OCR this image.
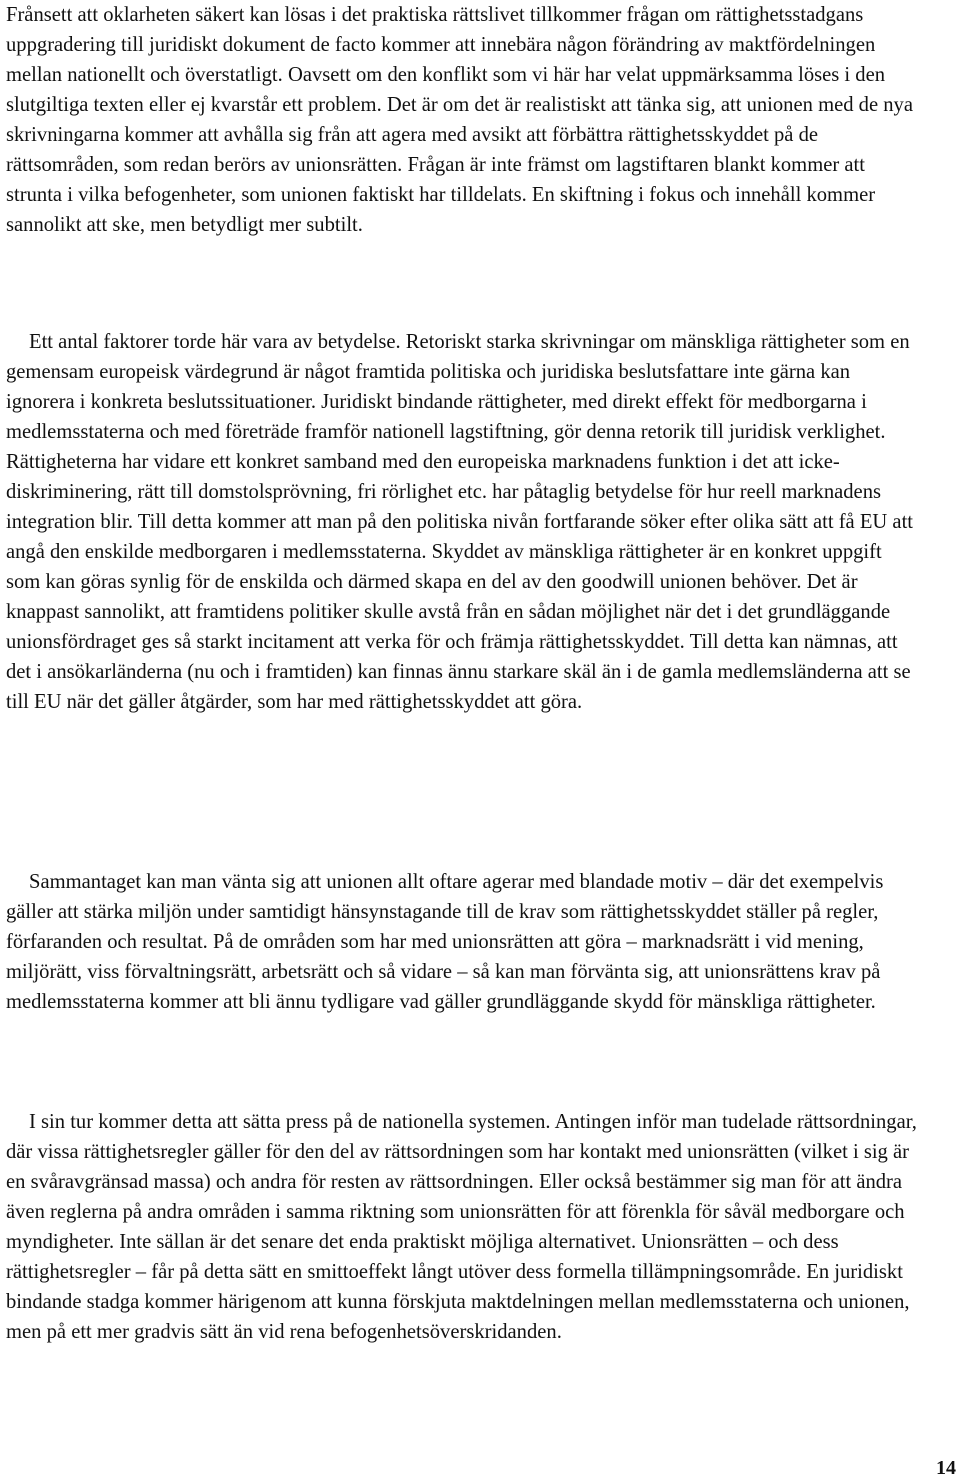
Frånsett att oklarheten säkert kan lösas i det praktiska rättslivet tillkommer frågan om rättighetsstadgans uppgradering till juridiskt dokument de facto kommer att innebära någon förändring av maktfördelningen mellan nationellt och överstatligt. Oavsett om den konflikt som vi här har velat uppmärksamma löses i den slutgiltiga texten eller ej kvarstår ett problem. Det är om det är realistiskt att tänka sig, att unionen med de nya skrivningarna kommer att avhålla sig från att agera med avsikt att förbättra rättighetsskyddet på de rättsområden, som redan berörs av unionsrätten. Frågan är inte främst om lagstiftaren blankt kommer att strunta i vilka befogenheter, som unionen faktiskt har tilldelats. En skiftning i fokus och innehåll kommer sannolikt att ske, men betydligt mer subtilt.

Ett antal faktorer torde här vara av betydelse. Retoriskt starka skrivningar om mänskliga rättigheter som en gemensam europeisk värdegrund är något framtida politiska och juridiska beslutsfattare inte gärna kan ignorera i konkreta beslutssituationer. Juridiskt bindande rättigheter, med direkt effekt för medborgarna i medlemsstaterna och med företräde framför nationell lagstiftning, gör denna retorik till juridisk verklighet. Rättigheterna har vidare ett konkret samband med den europeiska marknadens funktion i det att icke-diskriminering, rätt till domstolsprövning, fri rörlighet etc. har påtaglig betydelse för hur reell marknadens integration blir. Till detta kommer att man på den politiska nivån fortfarande söker efter olika sätt att få EU att angå den enskilde medborgaren i medlemsstaterna. Skyddet av mänskliga rättigheter är en konkret uppgift som kan göras synlig för de enskilda och därmed skapa en del av den goodwill unionen behöver. Det är knappast sannolikt, att framtidens politiker skulle avstå från en sådan möjlighet när det i det grundläggande unionsfördraget ges så starkt incitament att verka för och främja rättighetsskyddet. Till detta kan nämnas, att det i ansökarländerna (nu och i framtiden) kan finnas ännu starkare skäl än i de gamla medlemsländerna att se till EU när det gäller åtgärder, som har med rättighetsskyddet att göra.

Sammantaget kan man vänta sig att unionen allt oftare agerar med blandade motiv – där det exempelvis gäller att stärka miljön under samtidigt hänsynstagande till de krav som rättighetsskyddet ställer på regler, förfaranden och resultat. På de områden som har med unionsrätten att göra – marknadsrätt i vid mening, miljörätt, viss förvaltningsrätt, arbetsrätt och så vidare – så kan man förvänta sig, att unionsrättens krav på medlemsstaterna kommer att bli ännu tydligare vad gäller grundläggande skydd för mänskliga rättigheter.

I sin tur kommer detta att sätta press på de nationella systemen. Antingen inför man tudelade rättsordningar, där vissa rättighetsregler gäller för den del av rättsordningen som har kontakt med unionsrätten (vilket i sig är en svåravgränsad massa) och andra för resten av rättsordningen. Eller också bestämmer sig man för att ändra även reglerna på andra områden i samma riktning som unionsrätten för att förenkla för såväl medborgare och myndigheter. Inte sällan är det senare det enda praktiskt möjliga alternativet. Unionsrätten – och dess rättighetsregler – får på detta sätt en smittoeffekt långt utöver dess formella tillämpningsområde. En juridiskt bindande stadga kommer härigenom att kunna förskjuta maktdelningen mellan medlemsstaterna och unionen, men på ett mer gradvis sätt än vid rena befogenhetsöverskridanden.

14
